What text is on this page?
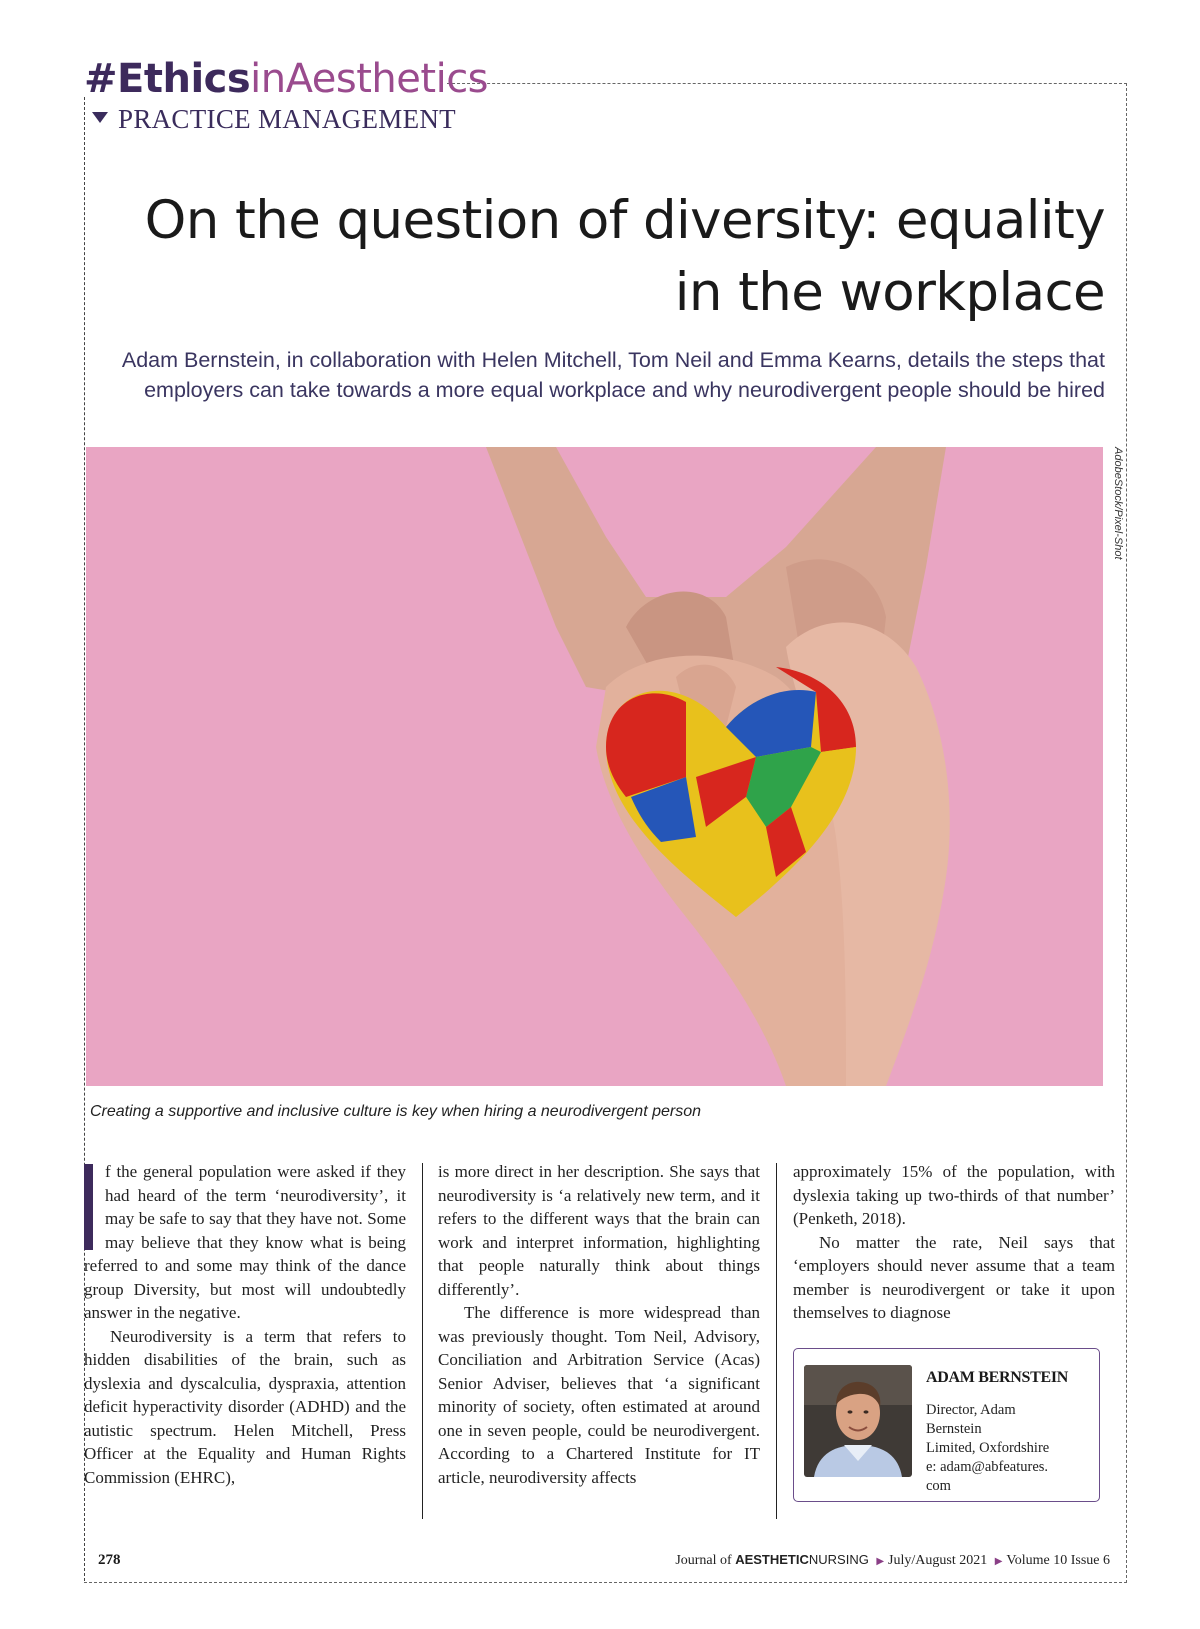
#EthicsinAesthetics
PRACTICE MANAGEMENT
On the question of diversity: equality in the workplace

Adam Bernstein, in collaboration with Helen Mitchell, Tom Neil and Emma Kearns, details the steps that employers can take towards a more equal workplace and why neurodivergent people should be hired

AdobeStock/Pixel-Shot
Creating a supportive and inclusive culture is key when hiring a neurodivergent person

f the general population were asked if they had heard of the term ‘neurodiversity’, it may be safe to say that they have not. Some may believe that they know what is being referred to and some may think of the dance group Diversity, but most will undoubtedly answer in the negative.

Neurodiversity is a term that refers to hidden disabilities of the brain, such as dyslexia and dyscalculia, dyspraxia, attention deficit hyperactivity disorder (ADHD) and the autistic spectrum. Helen Mitchell, Press Officer at the Equality and Human Rights Commission (EHRC),

is more direct in her description. She says that neurodiversity is ‘a relatively new term, and it refers to the different ways that the brain can work and interpret information, highlighting that people naturally think about things differently’.

The difference is more widespread than was previously thought. Tom Neil, Advisory, Conciliation and Arbitration Service (Acas) Senior Adviser, believes that ‘a significant minority of society, often estimated at around one in seven people, could be neurodivergent. According to a Chartered Institute for IT article, neurodiversity affects

approximately 15% of the population, with dyslexia taking up two-thirds of that number’ (Penketh, 2018).

No matter the rate, Neil says that ‘employers should never assume that a team member is neurodivergent or take it upon themselves to diagnose

ADAM BERNSTEIN
Director, Adam
Bernstein
Limited, Oxfordshire
e: adam@abfeatures.
com
278	Journal of AESTHETICNURSING ▶ July/August 2021 ▶ Volume 10 Issue 6
